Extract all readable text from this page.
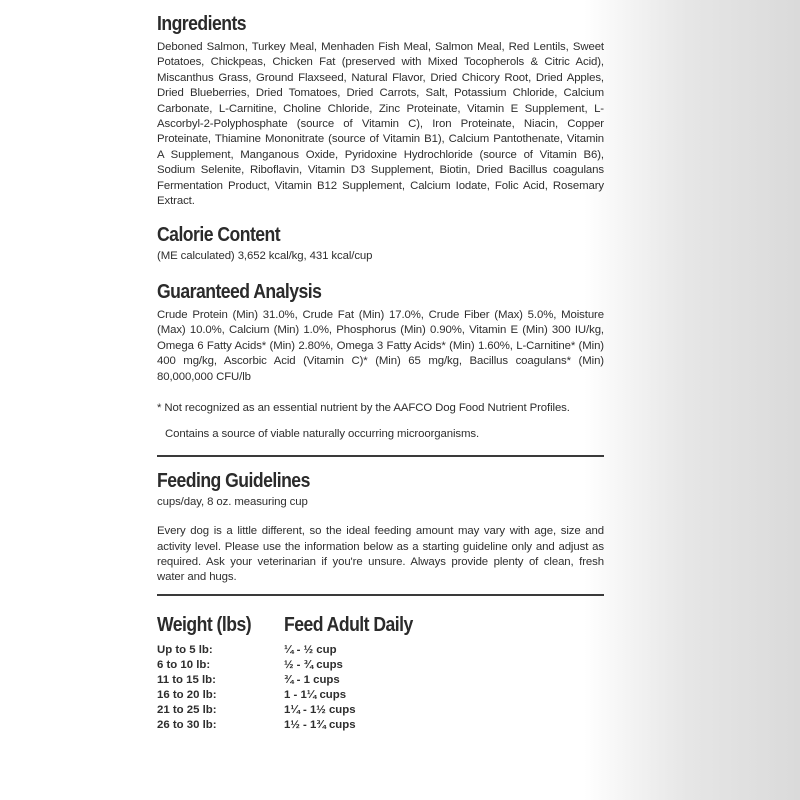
Ingredients

Deboned Salmon, Turkey Meal, Menhaden Fish Meal, Salmon Meal, Red Lentils, Sweet Potatoes, Chickpeas, Chicken Fat (preserved with Mixed Tocopherols & Citric Acid), Miscanthus Grass, Ground Flaxseed, Natural Flavor, Dried Chicory Root, Dried Apples, Dried Blueberries, Dried Tomatoes, Dried Carrots, Salt, Potassium Chloride, Calcium Carbonate, L-Carnitine, Choline Chloride, Zinc Proteinate, Vitamin E Supplement, L-Ascorbyl-2-Polyphosphate (source of Vitamin C), Iron Proteinate, Niacin, Copper Proteinate, Thiamine Mononitrate (source of Vitamin B1), Calcium Pantothenate, Vitamin A Supplement, Manganous Oxide, Pyridoxine Hydrochloride (source of Vitamin B6), Sodium Selenite, Riboflavin, Vitamin D3 Supplement, Biotin, Dried Bacillus coagulans Fermentation Product, Vitamin B12 Supplement, Calcium Iodate, Folic Acid, Rosemary Extract.

Calorie Content

(ME calculated) 3,652 kcal/kg, 431 kcal/cup

Guaranteed Analysis

Crude Protein (Min) 31.0%, Crude Fat (Min) 17.0%, Crude Fiber (Max) 5.0%, Moisture (Max) 10.0%, Calcium (Min) 1.0%, Phosphorus (Min) 0.90%, Vitamin E (Min) 300 IU/kg, Omega 6 Fatty Acids* (Min) 2.80%, Omega 3 Fatty Acids* (Min) 1.60%, L-Carnitine* (Min) 400 mg/kg, Ascorbic Acid (Vitamin C)* (Min) 65 mg/kg, Bacillus coagulans* (Min) 80,000,000 CFU/lb

* Not recognized as an essential nutrient by the AAFCO Dog Food Nutrient Profiles.

Contains a source of viable naturally occurring microorganisms.

Feeding Guidelines

cups/day, 8 oz. measuring cup

Every dog is a little different, so the ideal feeding amount may vary with age, size and activity level. Please use the information below as a starting guideline only and adjust as required. Ask your veterinarian if you're unsure. Always provide plenty of clean, fresh water and hugs.

Weight (lbs)	Feed Adult Daily
Up to 5 lb:	¼ - ½ cup
6 to 10 lb:	½ - ¾ cups
11 to 15 lb:	¾ - 1 cups
16 to 20 lb:	1 - 1¼ cups
21 to 25 lb:	1¼ - 1½ cups
26 to 30 lb:	1½ - 1¾ cups
